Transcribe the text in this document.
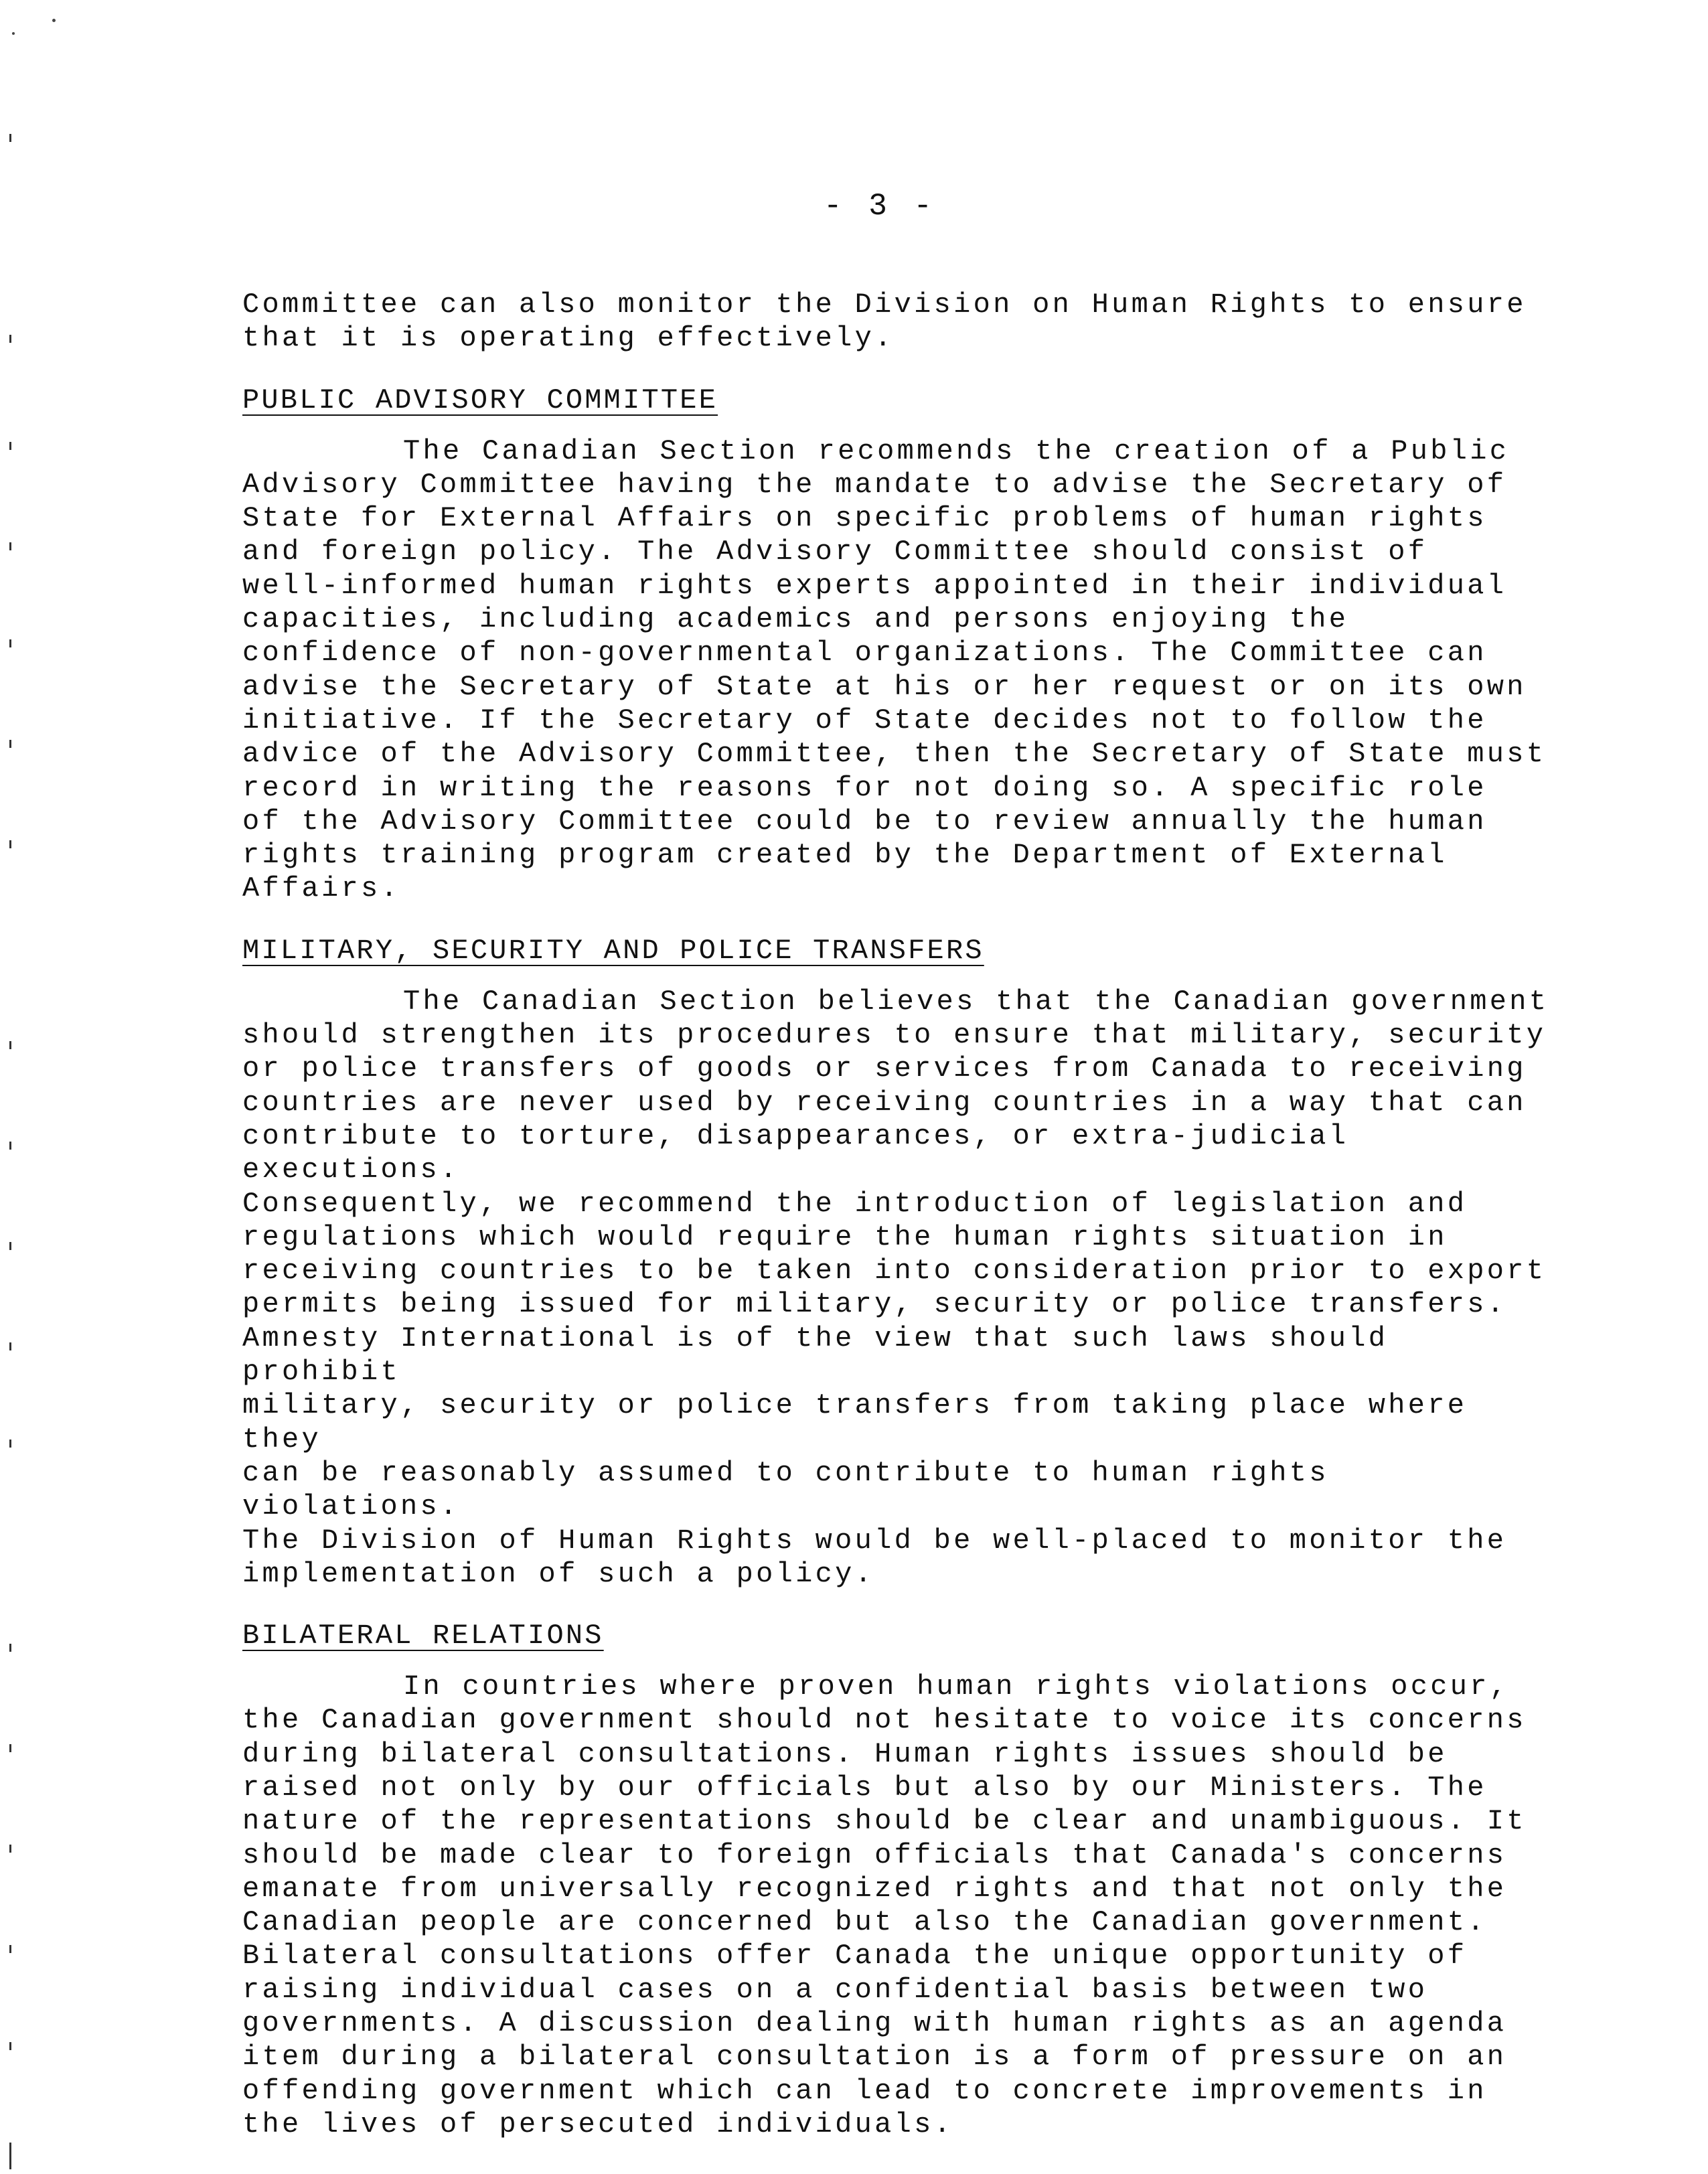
- 3 -

Committee can also monitor the Division on Human Rights to ensure
that it is operating effectively.

PUBLIC ADVISORY COMMITTEE

The Canadian Section recommends the creation of a Public
Advisory Committee having the mandate to advise the Secretary of
State for External Affairs on specific problems of human rights
and foreign policy. The Advisory Committee should consist of
well-informed human rights experts appointed in their individual
capacities, including academics and persons enjoying the
confidence of non-governmental organizations. The Committee can
advise the Secretary of State at his or her request or on its own
initiative. If the Secretary of State decides not to follow the
advice of the Advisory Committee, then the Secretary of State must
record in writing the reasons for not doing so. A specific role
of the Advisory Committee could be to review annually the human
rights training program created by the Department of External
Affairs.

MILITARY, SECURITY AND POLICE TRANSFERS

The Canadian Section believes that the Canadian government
should strengthen its procedures to ensure that military, security
or police transfers of goods or services from Canada to receiving
countries are never used by receiving countries in a way that can
contribute to torture, disappearances, or extra-judicial executions.
Consequently, we recommend the introduction of legislation and
regulations which would require the human rights situation in
receiving countries to be taken into consideration prior to export
permits being issued for military, security or police transfers.
Amnesty International is of the view that such laws should prohibit
military, security or police transfers from taking place where they
can be reasonably assumed to contribute to human rights violations.
The Division of Human Rights would be well-placed to monitor the
implementation of such a policy.

BILATERAL RELATIONS

In countries where proven human rights violations occur,
the Canadian government should not hesitate to voice its concerns
during bilateral consultations. Human rights issues should be
raised not only by our officials but also by our Ministers. The
nature of the representations should be clear and unambiguous. It
should be made clear to foreign officials that Canada's concerns
emanate from universally recognized rights and that not only the
Canadian people are concerned but also the Canadian government.
Bilateral consultations offer Canada the unique opportunity of
raising individual cases on a confidential basis between two
governments. A discussion dealing with human rights as an agenda
item during a bilateral consultation is a form of pressure on an
offending government which can lead to concrete improvements in
the lives of persecuted individuals.
